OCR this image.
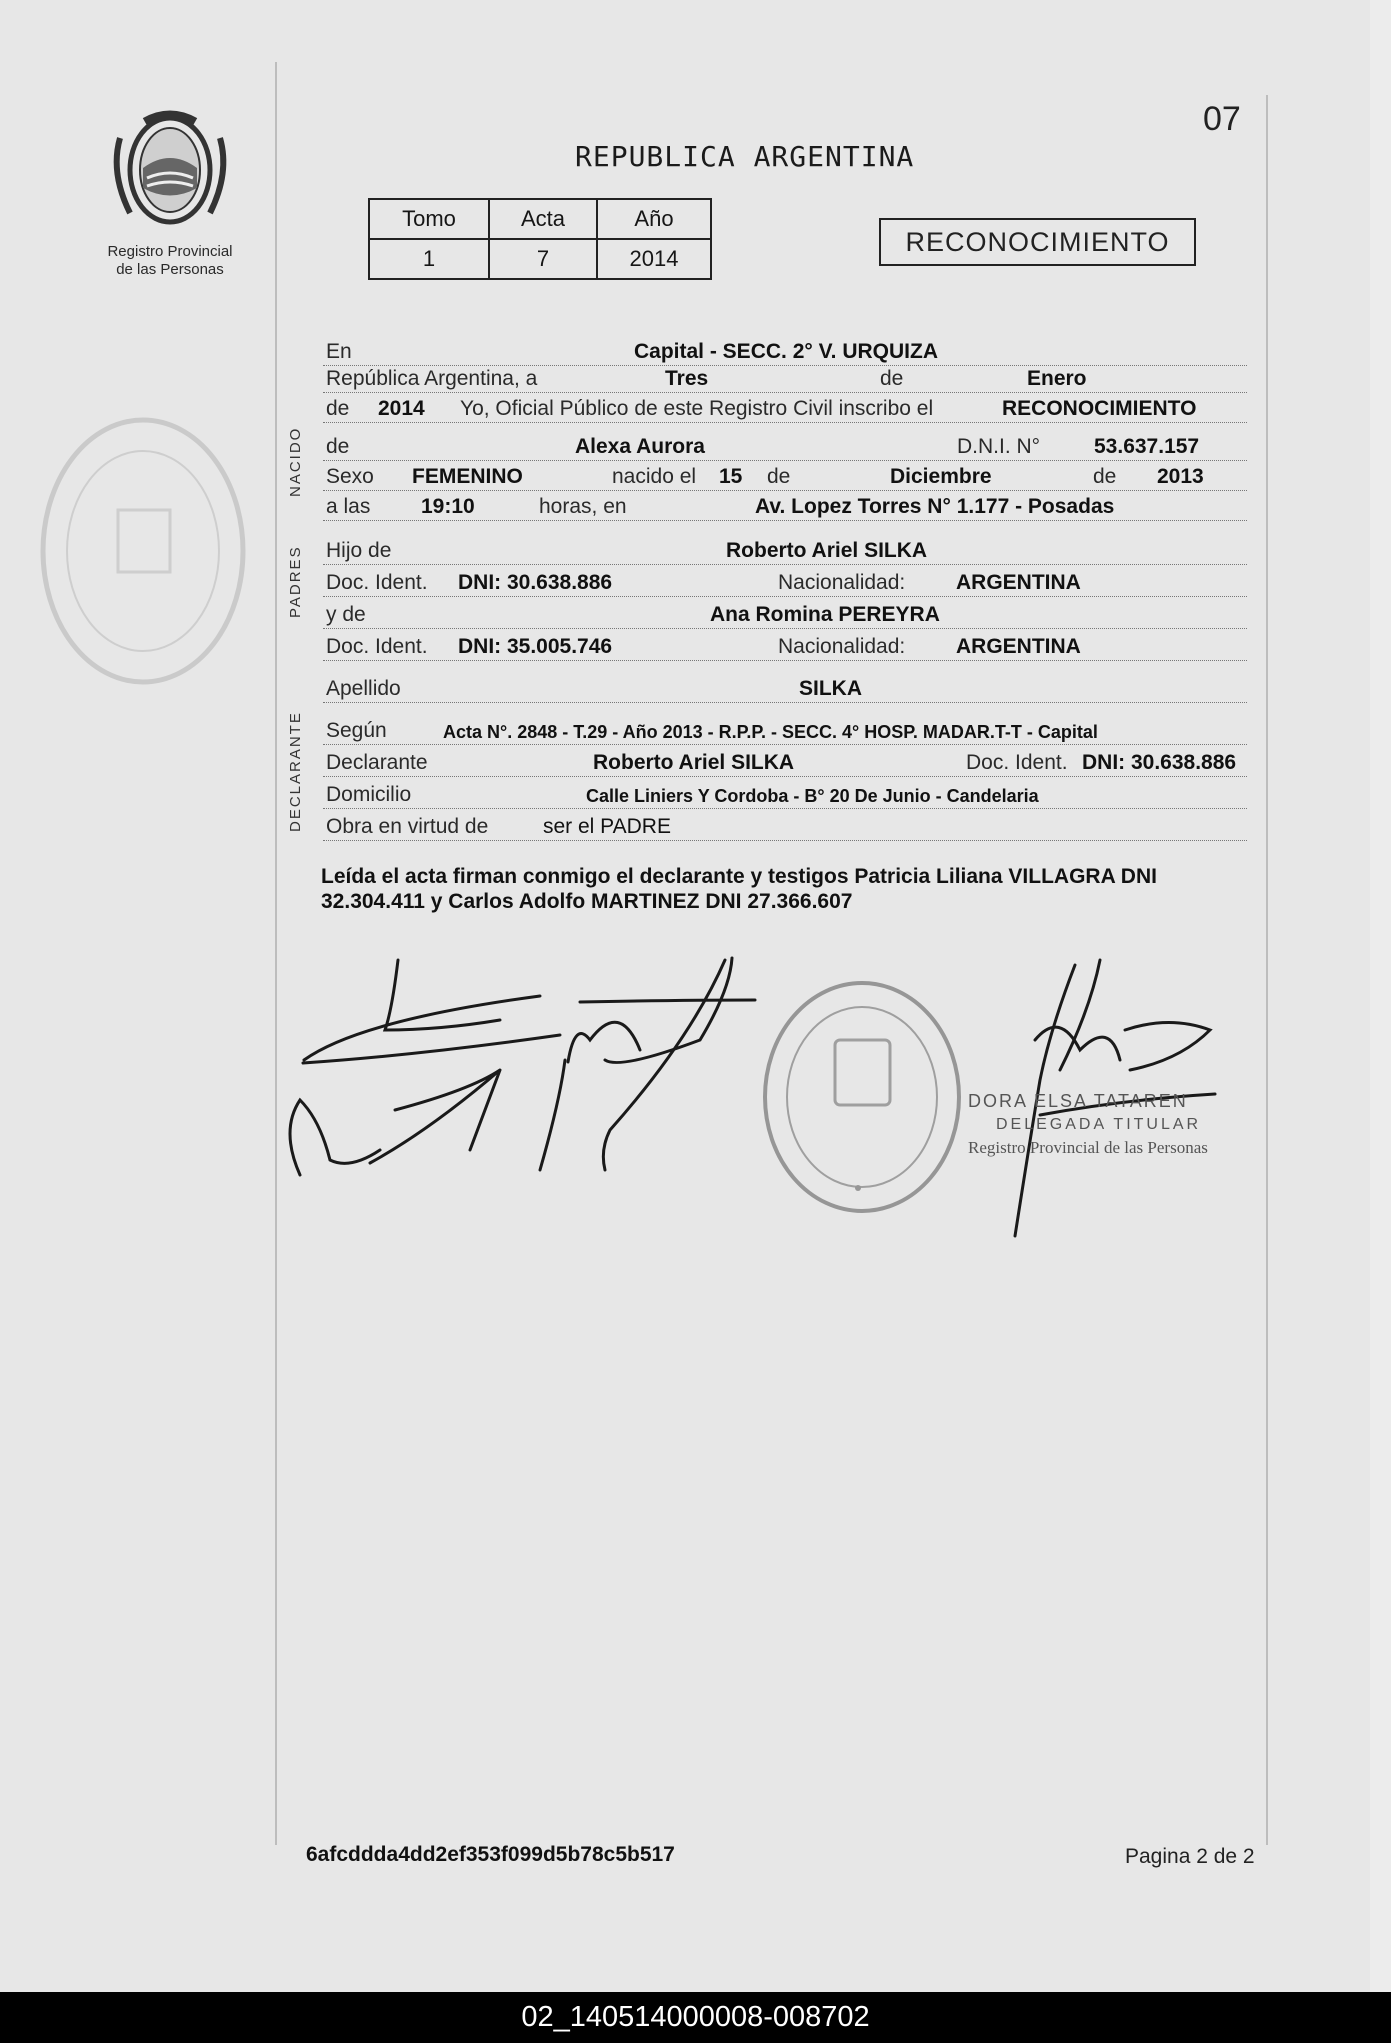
Registro Provincial
de las Personas
07
REPUBLICA ARGENTINA
Tomo	Acta	Año
1	7	2014
RECONOCIMIENTO
NACIDO
PADRES
DECLARANTE
En	Capital - SECC. 2° V. URQUIZA
República Argentina, a	Tres	de	Enero
de 2014 Yo, Oficial Público de este Registro Civil inscribo el	RECONOCIMIENTO
de	Alexa Aurora	D.N.I. N°	53.637.157
Sexo FEMENINO	nacido el 15 de	Diciembre	de 2013
a las 19:10	horas, en	Av. Lopez Torres N° 1.177 - Posadas
Hijo de	Roberto Ariel SILKA
Doc. Ident. DNI: 30.638.886	Nacionalidad: ARGENTINA
y de	Ana Romina PEREYRA
Doc. Ident. DNI: 35.005.746	Nacionalidad: ARGENTINA
Apellido	SILKA
Según	Acta N°. 2848 - T.29 - Año 2013 - R.P.P. - SECC. 4° HOSP. MADAR.T-T - Capital
Declarante	Roberto Ariel SILKA	Doc. Ident. DNI: 30.638.886
Domicilio	Calle Liniers Y Cordoba - B° 20 De Junio - Candelaria
Obra en virtud de	ser el PADRE
Leída el acta firman conmigo el declarante y testigos Patricia Liliana VILLAGRA DNI 32.304.411 y Carlos Adolfo MARTINEZ DNI 27.366.607
DORA ELSA TATAREN
DELEGADA TITULAR
Registro Provincial de las Personas
6afcddda4dd2ef353f099d5b78c5b517	Pagina 2 de 2
02_140514000008-008702
